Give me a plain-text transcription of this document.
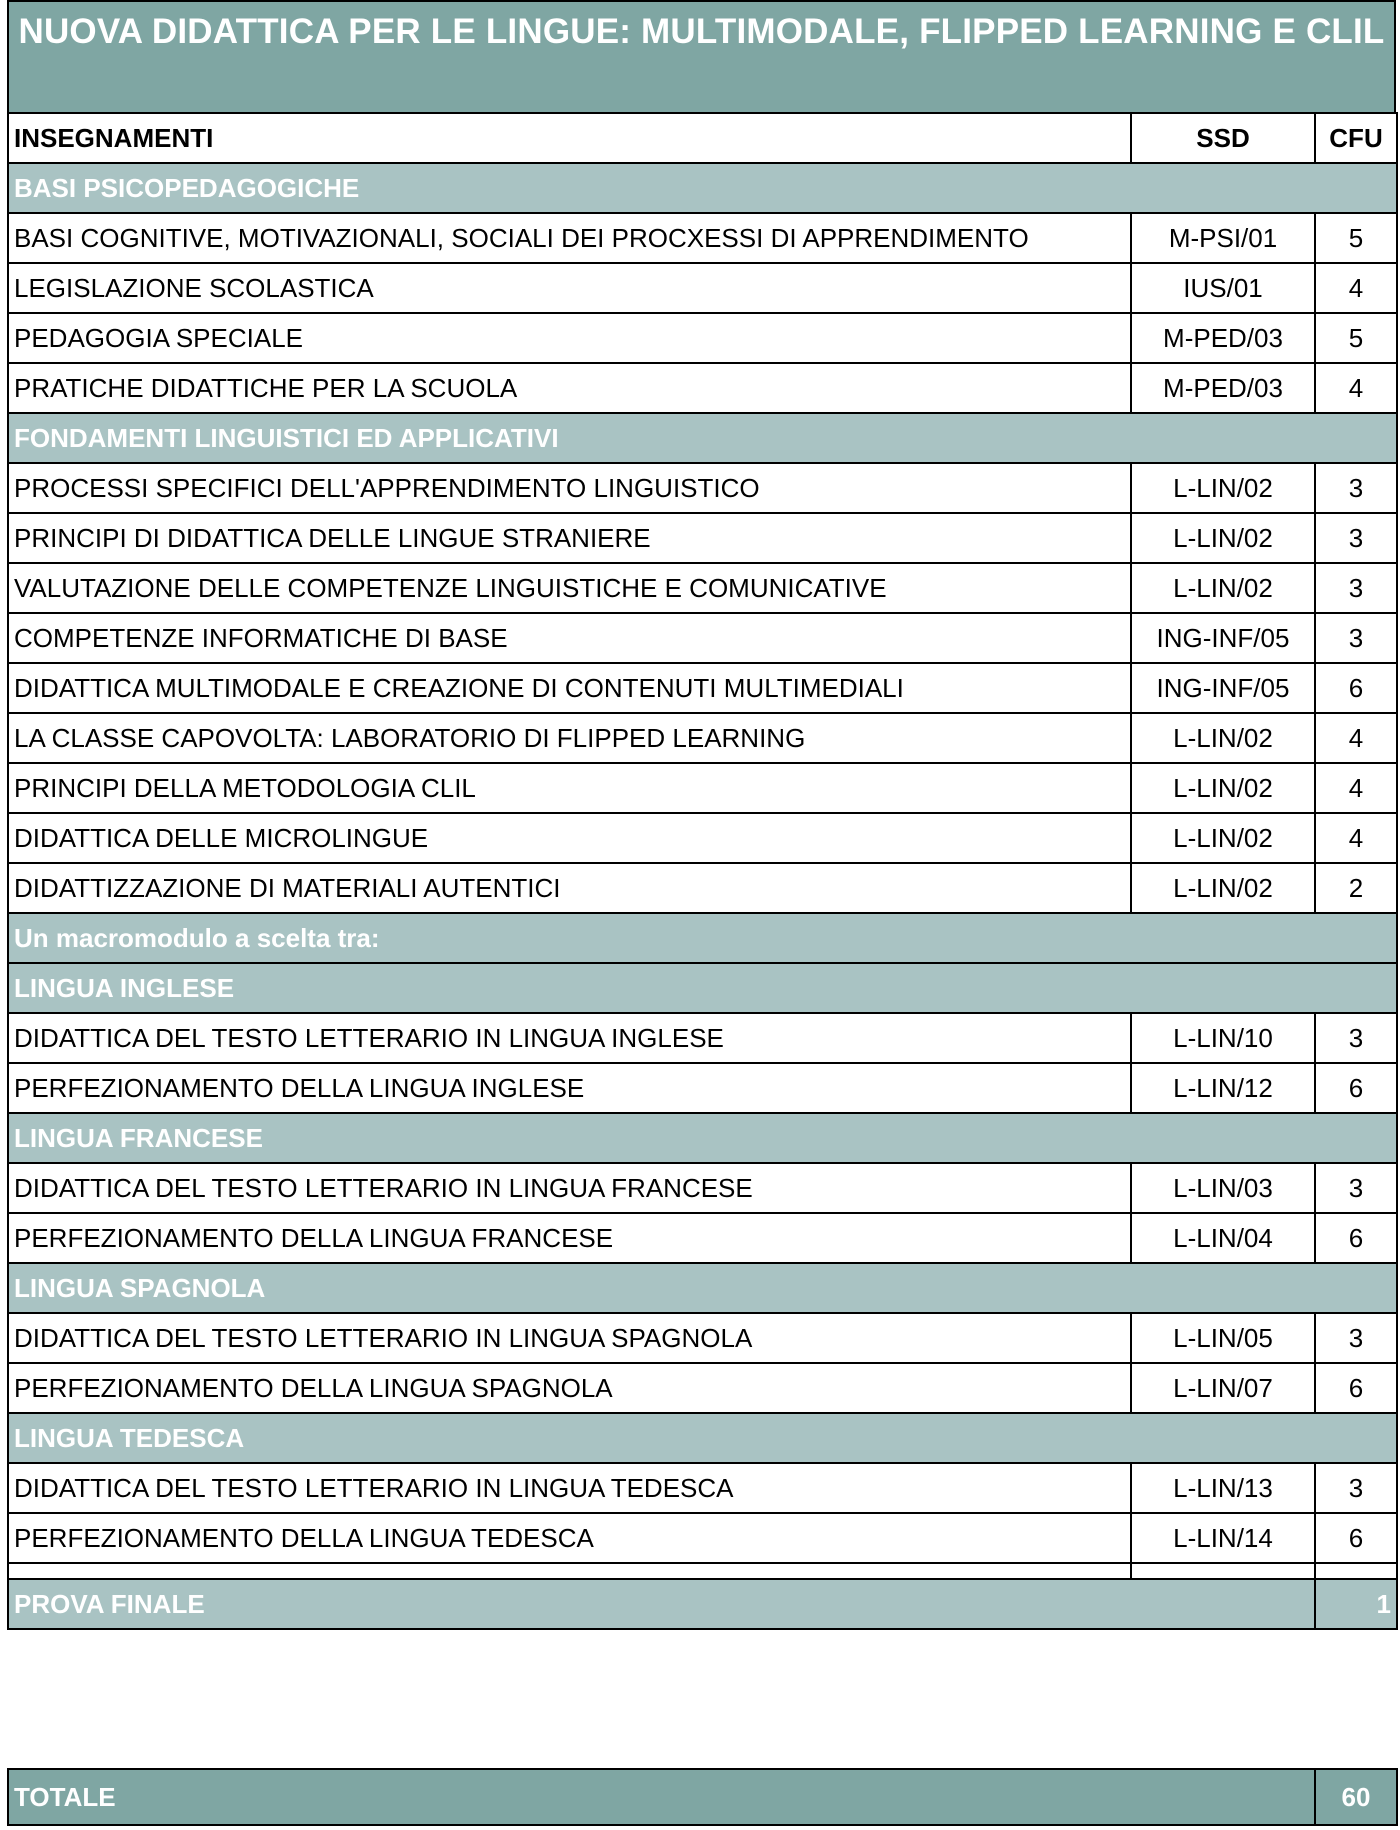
NUOVA DIDATTICA PER LE LINGUE: MULTIMODALE, FLIPPED LEARNING E CLIL
INSEGNAMENTI	SSD	CFU
BASI PSICOPEDAGOGICHE		
BASI COGNITIVE, MOTIVAZIONALI, SOCIALI DEI PROCXESSI DI APPRENDIMENTO	M-PSI/01	5
LEGISLAZIONE SCOLASTICA	IUS/01	4
PEDAGOGIA SPECIALE	M-PED/03	5
PRATICHE DIDATTICHE PER LA SCUOLA	M-PED/03	4
FONDAMENTI LINGUISTICI ED APPLICATIVI		
PROCESSI SPECIFICI DELL'APPRENDIMENTO LINGUISTICO	L-LIN/02	3
PRINCIPI DI DIDATTICA DELLE LINGUE STRANIERE	L-LIN/02	3
VALUTAZIONE DELLE COMPETENZE LINGUISTICHE E COMUNICATIVE	L-LIN/02	3
COMPETENZE INFORMATICHE DI BASE	ING-INF/05	3
DIDATTICA MULTIMODALE E CREAZIONE DI CONTENUTI MULTIMEDIALI	ING-INF/05	6
LA CLASSE CAPOVOLTA: LABORATORIO DI FLIPPED LEARNING	L-LIN/02	4
PRINCIPI DELLA METODOLOGIA CLIL	L-LIN/02	4
DIDATTICA DELLE MICROLINGUE	L-LIN/02	4
DIDATTIZZAZIONE DI MATERIALI AUTENTICI	L-LIN/02	2
Un macromodulo a scelta tra:		
LINGUA INGLESE		
DIDATTICA DEL TESTO LETTERARIO IN LINGUA INGLESE	L-LIN/10	3
PERFEZIONAMENTO DELLA LINGUA INGLESE	L-LIN/12	6
LINGUA FRANCESE		
DIDATTICA DEL TESTO LETTERARIO IN LINGUA FRANCESE	L-LIN/03	3
PERFEZIONAMENTO DELLA LINGUA FRANCESE	L-LIN/04	6
LINGUA SPAGNOLA		
DIDATTICA DEL TESTO LETTERARIO IN LINGUA SPAGNOLA	L-LIN/05	3
PERFEZIONAMENTO DELLA LINGUA SPAGNOLA	L-LIN/07	6
LINGUA TEDESCA		
DIDATTICA DEL TESTO LETTERARIO IN LINGUA TEDESCA	L-LIN/13	3
PERFEZIONAMENTO DELLA LINGUA TEDESCA	L-LIN/14	6

PROVA FINALE		1
TOTALE	60
